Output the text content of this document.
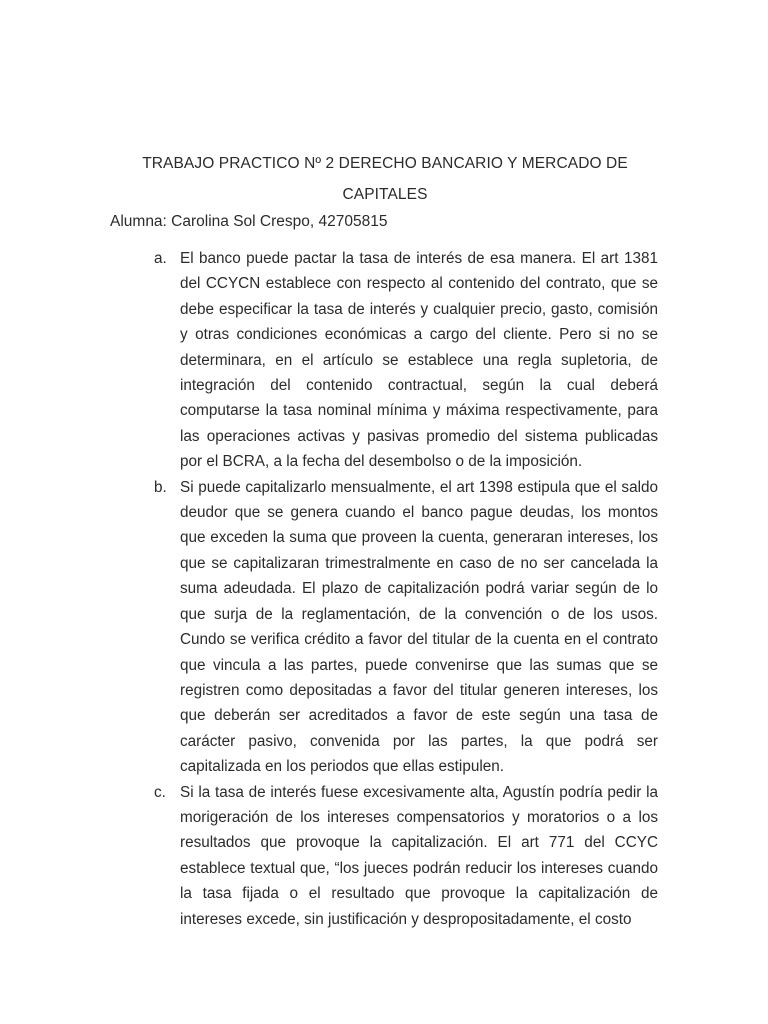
TRABAJO PRACTICO Nº 2 DERECHO BANCARIO Y MERCADO DE CAPITALES
Alumna: Carolina Sol Crespo, 42705815
a. El banco puede pactar la tasa de interés de esa manera. El art 1381 del CCYCN establece con respecto al contenido del contrato, que se debe especificar la tasa de interés y cualquier precio, gasto, comisión y otras condiciones económicas a cargo del cliente. Pero si no se determinara, en el artículo se establece una regla supletoria, de integración del contenido contractual, según la cual deberá computarse la tasa nominal mínima y máxima respectivamente, para las operaciones activas y pasivas promedio del sistema publicadas por el BCRA, a la fecha del desembolso o de la imposición.
b. Si puede capitalizarlo mensualmente, el art 1398 estipula que el saldo deudor que se genera cuando el banco pague deudas, los montos que exceden la suma que proveen la cuenta, generaran intereses, los que se capitalizaran trimestralmente en caso de no ser cancelada la suma adeudada. El plazo de capitalización podrá variar según de lo que surja de la reglamentación, de la convención o de los usos. Cundo se verifica crédito a favor del titular de la cuenta en el contrato que vincula a las partes, puede convenirse que las sumas que se registren como depositadas a favor del titular generen intereses, los que deberán ser acreditados a favor de este según una tasa de carácter pasivo, convenida por las partes, la que podrá ser capitalizada en los periodos que ellas estipulen.
c. Si la tasa de interés fuese excesivamente alta, Agustín podría pedir la morigeración de los intereses compensatorios y moratorios o a los resultados que provoque la capitalización. El art 771 del CCYC establece textual que, “los jueces podrán reducir los intereses cuando la tasa fijada o el resultado que provoque la capitalización de intereses excede, sin justificación y despropositadamente, el costo
